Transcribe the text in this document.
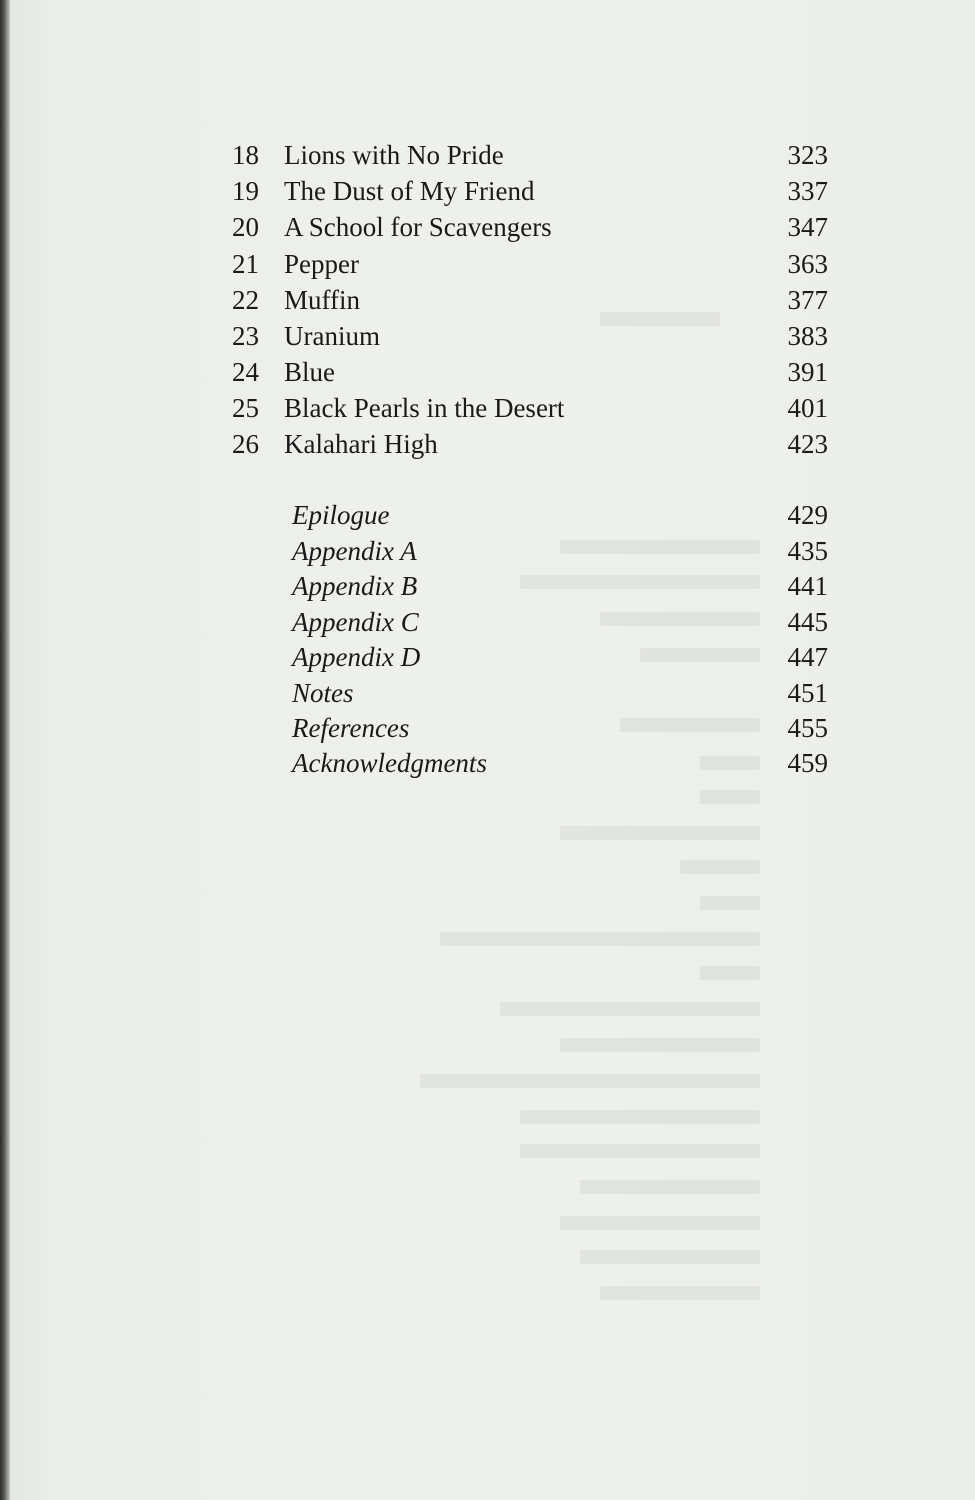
18 Lions with No Pride	323
19 The Dust of My Friend	337
20 A School for Scavengers	347
21 Pepper	363
22 Muffin	377
23 Uranium	383
24 Blue	391
25 Black Pearls in the Desert	401
26 Kalahari High	423
Epilogue	429
Appendix A	435
Appendix B	441
Appendix C	445
Appendix D	447
Notes	451
References	455
Acknowledgments	459
